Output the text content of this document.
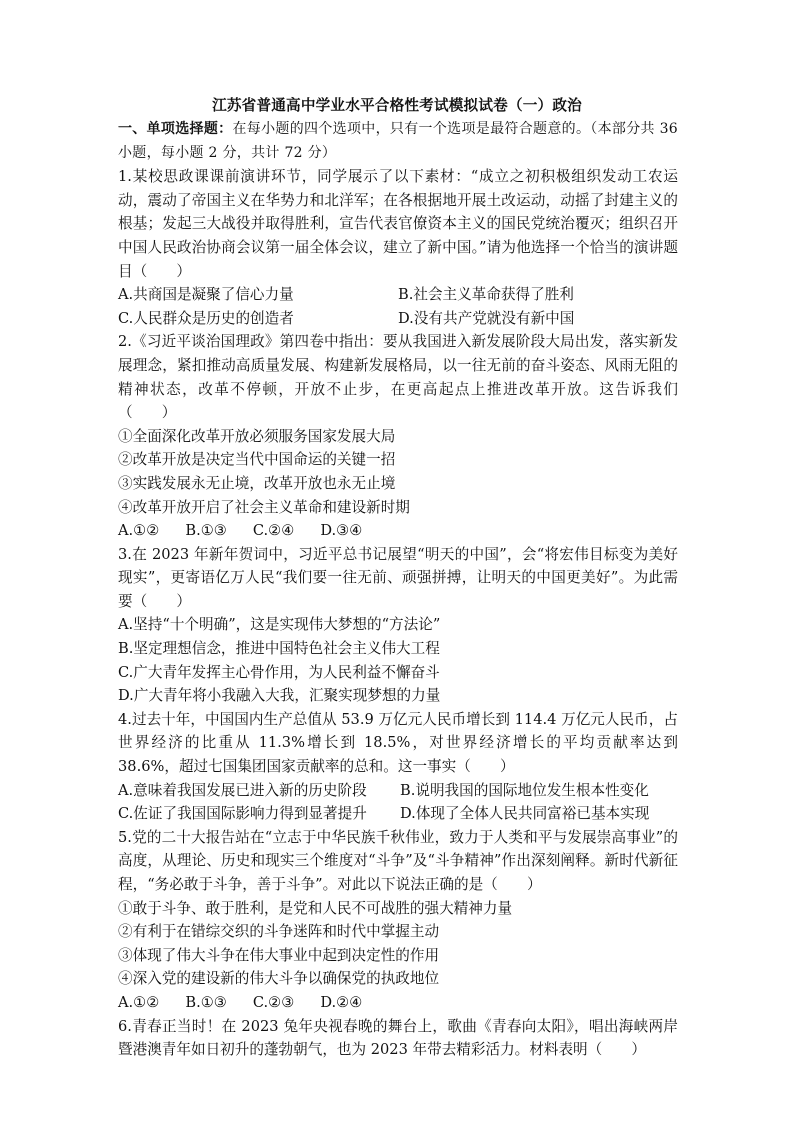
江苏省普通高中学业水平合格性考试模拟试卷（一）政治

一、单项选择题：在每小题的四个选项中，只有一个选项是最符合题意的。（本部分共 36 小题，每小题 2 分，共计 72 分）

1.某校思政课课前演讲环节，同学展示了以下素材：“成立之初积极组织发动工农运动，震动了帝国主义在华势力和北洋军；在各根据地开展土改运动，动摇了封建主义的根基；发起三大战役并取得胜利，宣告代表官僚资本主义的国民党统治覆灭；组织召开中国人民政治协商会议第一届全体会议，建立了新中国。”请为他选择一个恰当的演讲题目（　　）

A.共商国是凝聚了信心力量	B.社会主义革命获得了胜利
C.人民群众是历史的创造者	D.没有共产党就没有新中国

2.《习近平谈治国理政》第四卷中指出：要从我国进入新发展阶段大局出发，落实新发展理念，紧扣推动高质量发展、构建新发展格局，以一往无前的奋斗姿态、风雨无阻的精神状态，改革不停顿，开放不止步，在更高起点上推进改革开放。这告诉我们（　　）

①全面深化改革开放必须服务国家发展大局

②改革开放是决定当代中国命运的关键一招

③实践发展永无止境，改革开放也永无止境

④改革开放开启了社会主义革命和建设新时期

A.①② B.①③ C.②④ D.③④

3.在 2023 年新年贺词中，习近平总书记展望“明天的中国”，会“将宏伟目标变为美好现实”，更寄语亿万人民“我们要一往无前、顽强拼搏，让明天的中国更美好”。为此需要（　　）

A.坚持“十个明确”，这是实现伟大梦想的“方法论”

B.坚定理想信念，推进中国特色社会主义伟大工程

C.广大青年发挥主心骨作用，为人民利益不懈奋斗

D.广大青年将小我融入大我，汇聚实现梦想的力量

4.过去十年，中国国内生产总值从 53.9 万亿元人民币增长到 114.4 万亿元人民币，占世界经济的比重从 11.3%增长到 18.5%，对世界经济增长的平均贡献率达到 38.6%，超过七国集团国家贡献率的总和。这一事实（　　）

A.意味着我国发展已进入新的历史阶段	B.说明我国的国际地位发生根本性变化
C.佐证了我国国际影响力得到显著提升	D.体现了全体人民共同富裕已基本实现

5.党的二十大报告站在“立志于中华民族千秋伟业，致力于人类和平与发展崇高事业”的高度，从理论、历史和现实三个维度对“斗争”及“斗争精神”作出深刻阐释。新时代新征程，“务必敢于斗争，善于斗争”。对此以下说法正确的是（　　）

①敢于斗争、敢于胜利，是党和人民不可战胜的强大精神力量

②有利于在错综交织的斗争迷阵和时代中掌握主动

③体现了伟大斗争在伟大事业中起到决定性的作用

④深入党的建设新的伟大斗争以确保党的执政地位

A.①② B.①③ C.②③ D.②④

6.青春正当时！在 2023 兔年央视春晚的舞台上，歌曲《青春向太阳》，唱出海峡两岸暨港澳青年如日初升的蓬勃朝气，也为 2023 年带去精彩活力。材料表明（　　）
